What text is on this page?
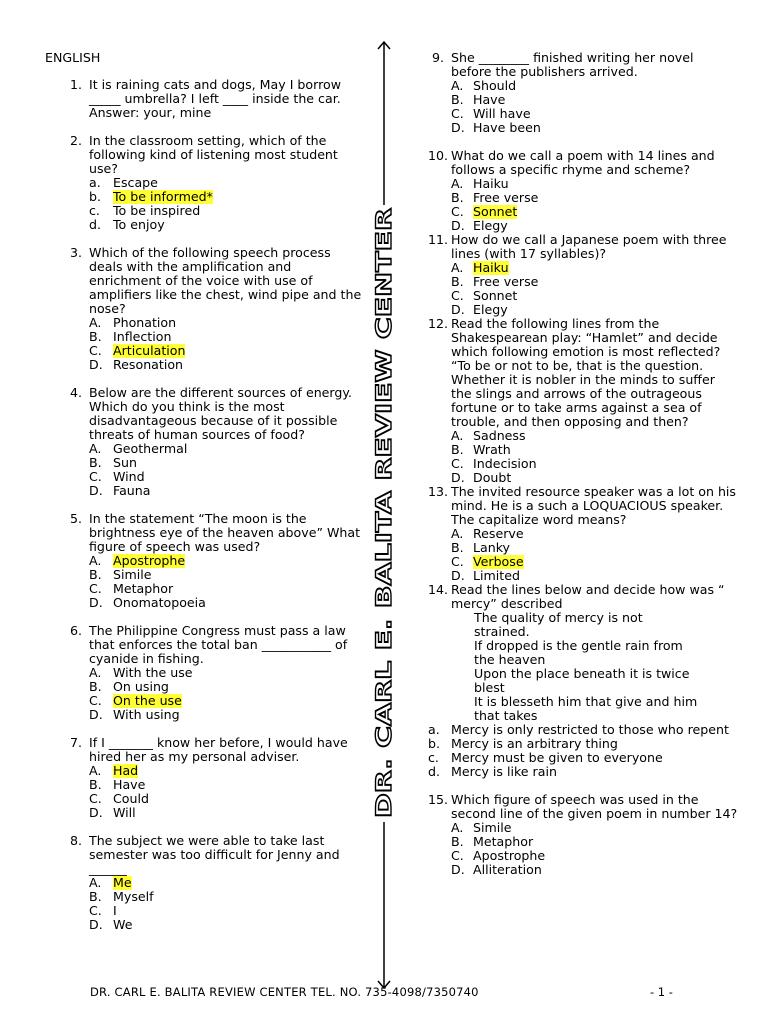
ENGLISH
1. It is raining cats and dogs, May I borrow _____ umbrella? I left ____ inside the car.
Answer: your, mine
2. In the classroom setting, which of the following kind of listening most student use?
a. Escape
b. To be informed*
c.	To be inspired
d. To enjoy
3. Which of the following speech process deals with the amplification and enrichment of the voice with use of amplifiers like the chest, wind pipe and the nose?
A. Phonation
B. Inflection
C. Articulation
D. Resonation
4. Below are the different sources of energy. Which do you think is the most disadvantageous because of it possible threats of human sources of food?
A. Geothermal
B. Sun
C. Wind
D. Fauna
5. In the statement “The moon is the brightness eye of the heaven above” What figure of speech was used?
A. Apostrophe
B. Simile
C. Metaphor
D. Onomatopoeia
6. The Philippine Congress must pass a law that enforces the total ban ___________ of cyanide in fishing.
A. With the use
B. On using
C. On the use
D. With using
7. If I _______ know her before, I would have hired her as my personal adviser.
A. Had
B. Have
C. Could
D. Will
8. The subject we were able to take last semester was too difficult for Jenny and ______
A. Me
B. Myself
C. I
D. We
DR. CARL E. BALITA REVIEW CENTER
9. She ________ finished writing her novel before the publishers arrived.
A. Should
B. Have
C. Will have
D. Have been
10. What do we call a poem with 14 lines and follows a specific rhyme and scheme?
A. Haiku
B. Free verse
C. Sonnet
D. Elegy
11. How do we call a Japanese poem with three lines (with 17 syllables)?
A. Haiku
B. Free verse
C. Sonnet
D. Elegy
12. Read the following lines from the Shakespearean play: “Hamlet” and decide which following emotion is most reflected?
“To be or not to be, that is the question. Whether it is nobler in the minds to suffer the slings and arrows of the outrageous fortune or to take arms against a sea of trouble, and then opposing and then?
A. Sadness
B. Wrath
C. Indecision
D. Doubt
13. The invited resource speaker was a lot on his mind. He is a such a LOQUACIOUS speaker. The capitalize word means?
A. Reserve
B. Lanky
C. Verbose
D. Limited
14. Read the lines below and decide how was “ mercy” described
The quality of mercy is not
strained.
If dropped is the gentle rain from
the heaven
Upon the place beneath it is twice
blest
It is blesseth him that give and him
that takes
a. Mercy is only restricted to those who repent
b. Mercy is an arbitrary thing
c. Mercy must be given to everyone
d. Mercy is like rain
15. Which figure of speech was used in the second line of the given poem in number 14?
A. Simile
B. Metaphor
C. Apostrophe
D. Alliteration
DR. CARL E. BALITA REVIEW CENTER TEL. NO. 735-4098/7350740	- 1 -
